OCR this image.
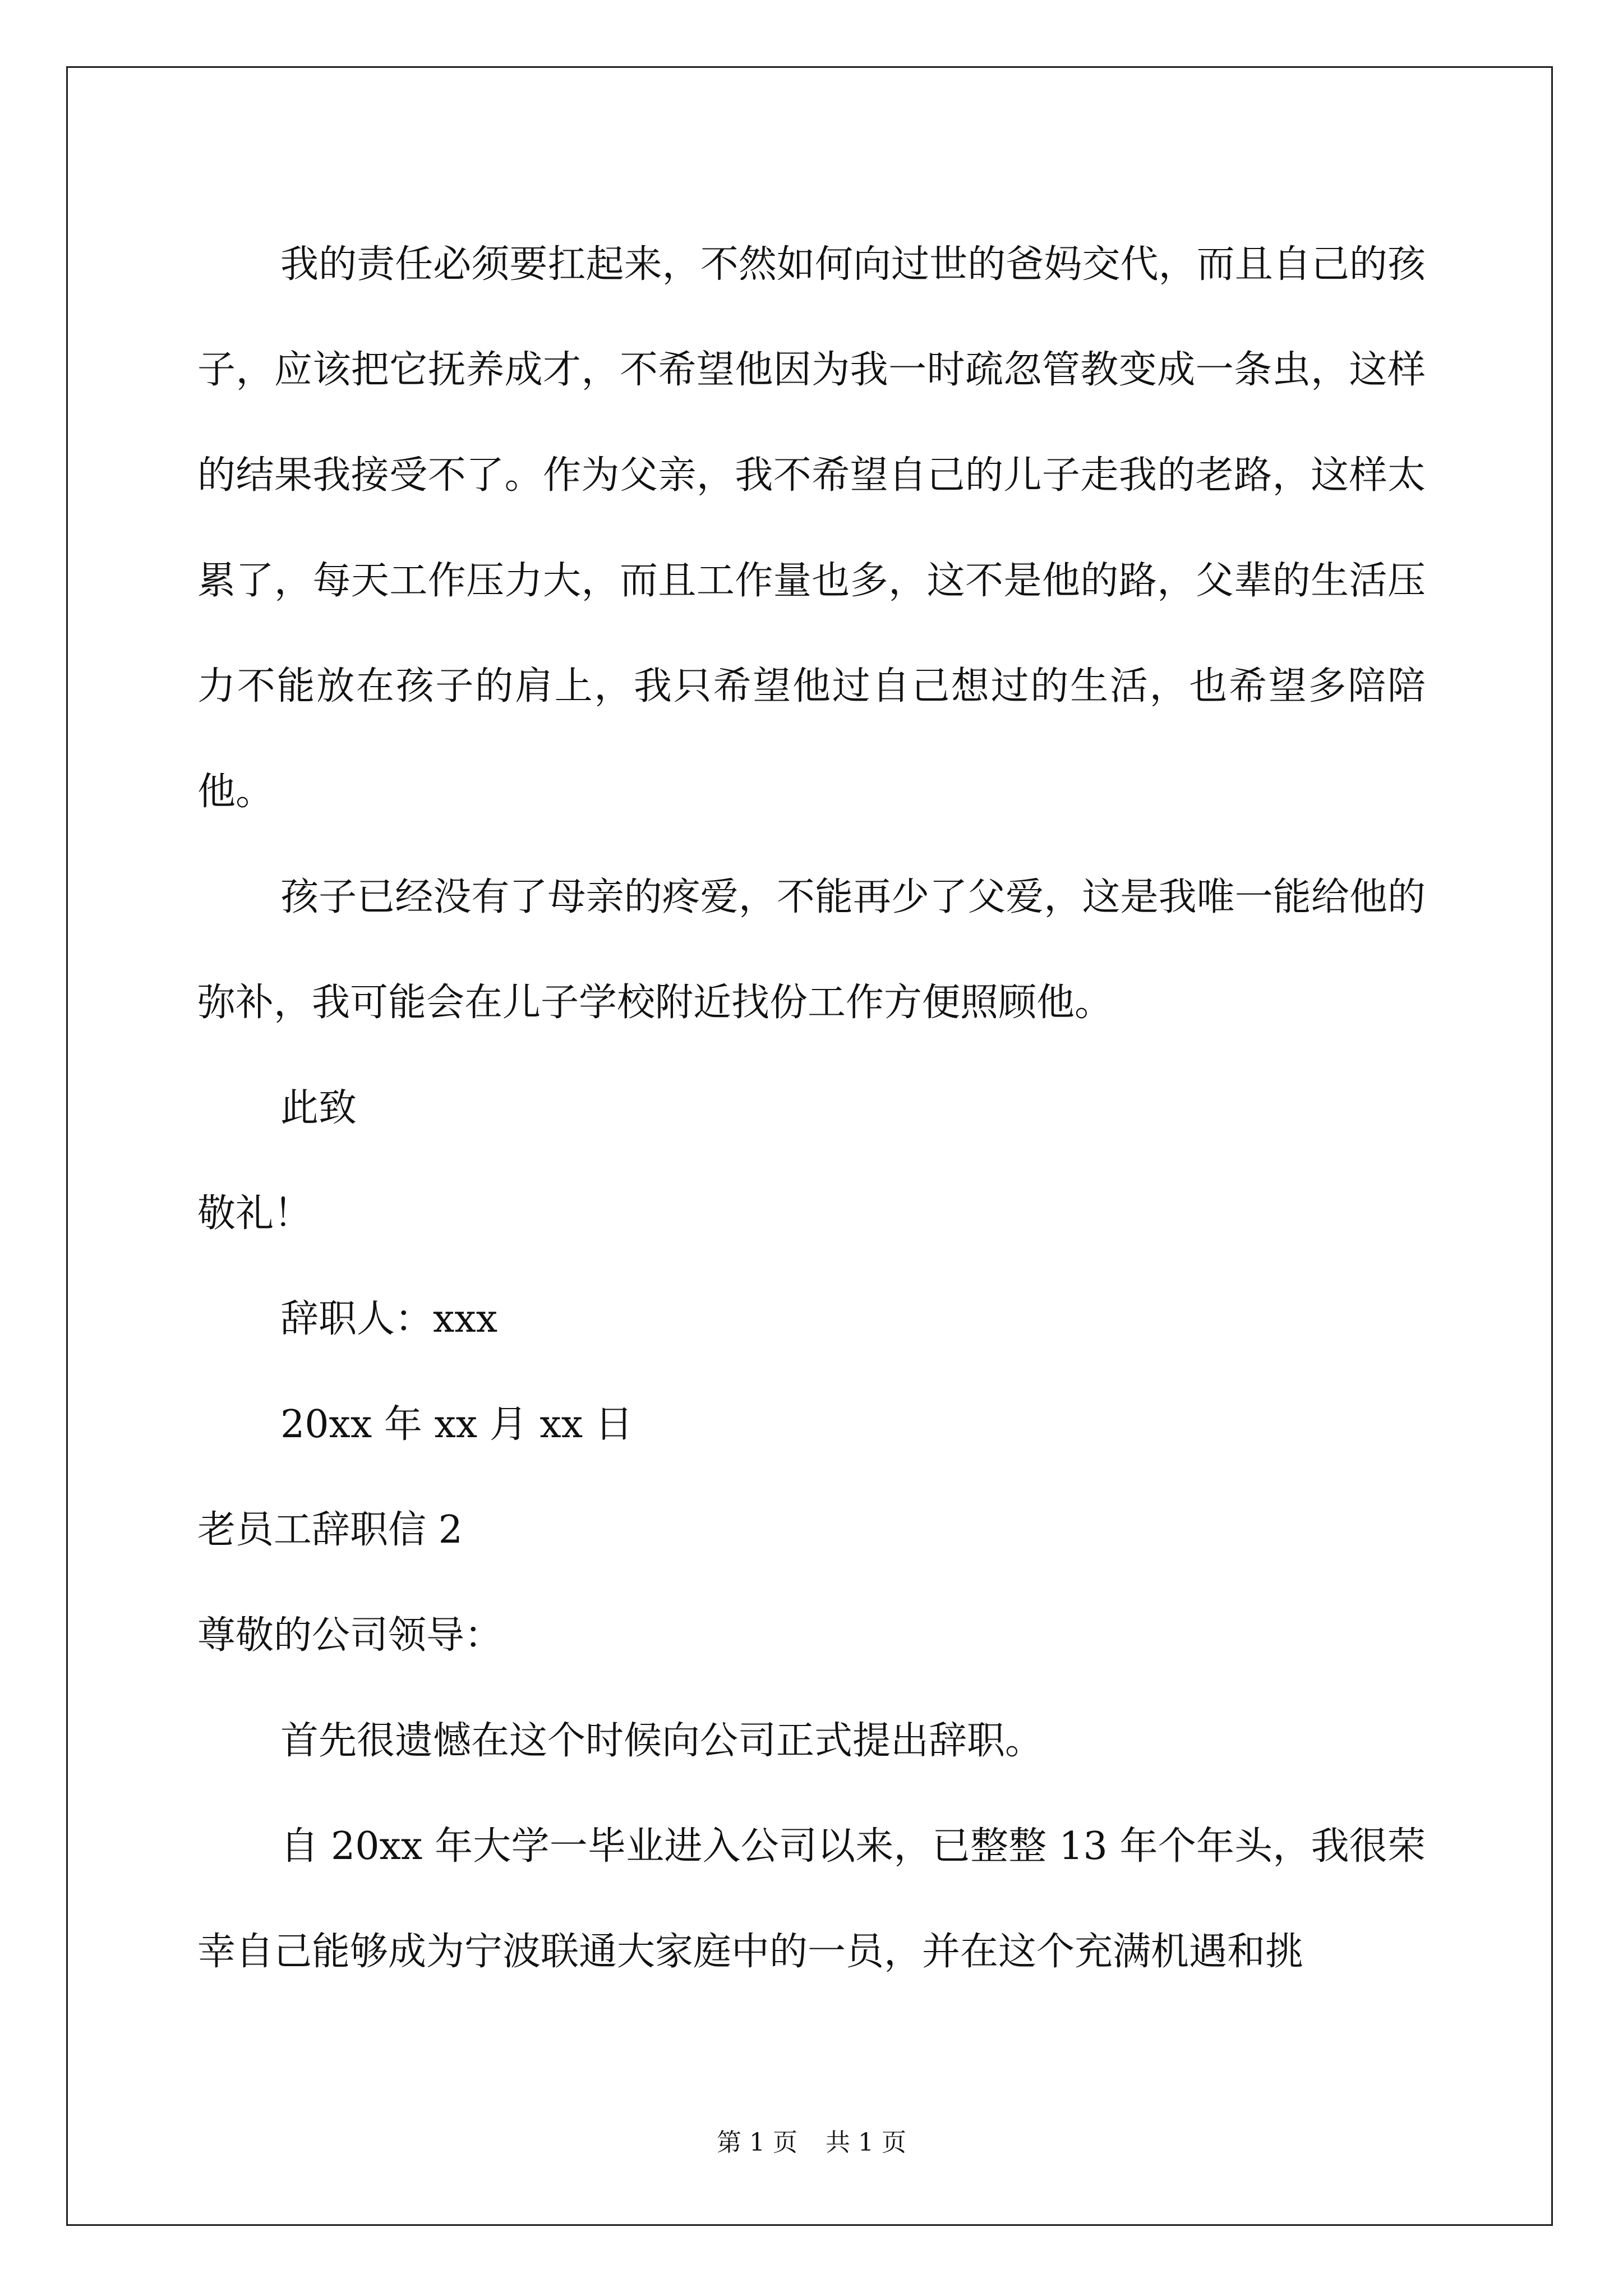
我的责任必须要扛起来，不然如何向过世的爸妈交代，而且自己的孩子，应该把它抚养成才，不希望他因为我一时疏忽管教变成一条虫，这样的结果我接受不了。作为父亲，我不希望自己的儿子走我的老路，这样太累了，每天工作压力大，而且工作量也多，这不是他的路，父辈的生活压力不能放在孩子的肩上，我只希望他过自己想过的生活，也希望多陪陪他。

孩子已经没有了母亲的疼爱，不能再少了父爱，这是我唯一能给他的弥补，我可能会在儿子学校附近找份工作方便照顾他。

此致

敬礼！

辞职人：xxx

20xx 年 xx 月 xx 日

老员工辞职信 2

尊敬的公司领导：

首先很遗憾在这个时候向公司正式提出辞职。

自 20xx 年大学一毕业进入公司以来，已整整 13 年个年头，我很荣幸自己能够成为宁波联通大家庭中的一员，并在这个充满机遇和挑

第 1 页 共 1 页
